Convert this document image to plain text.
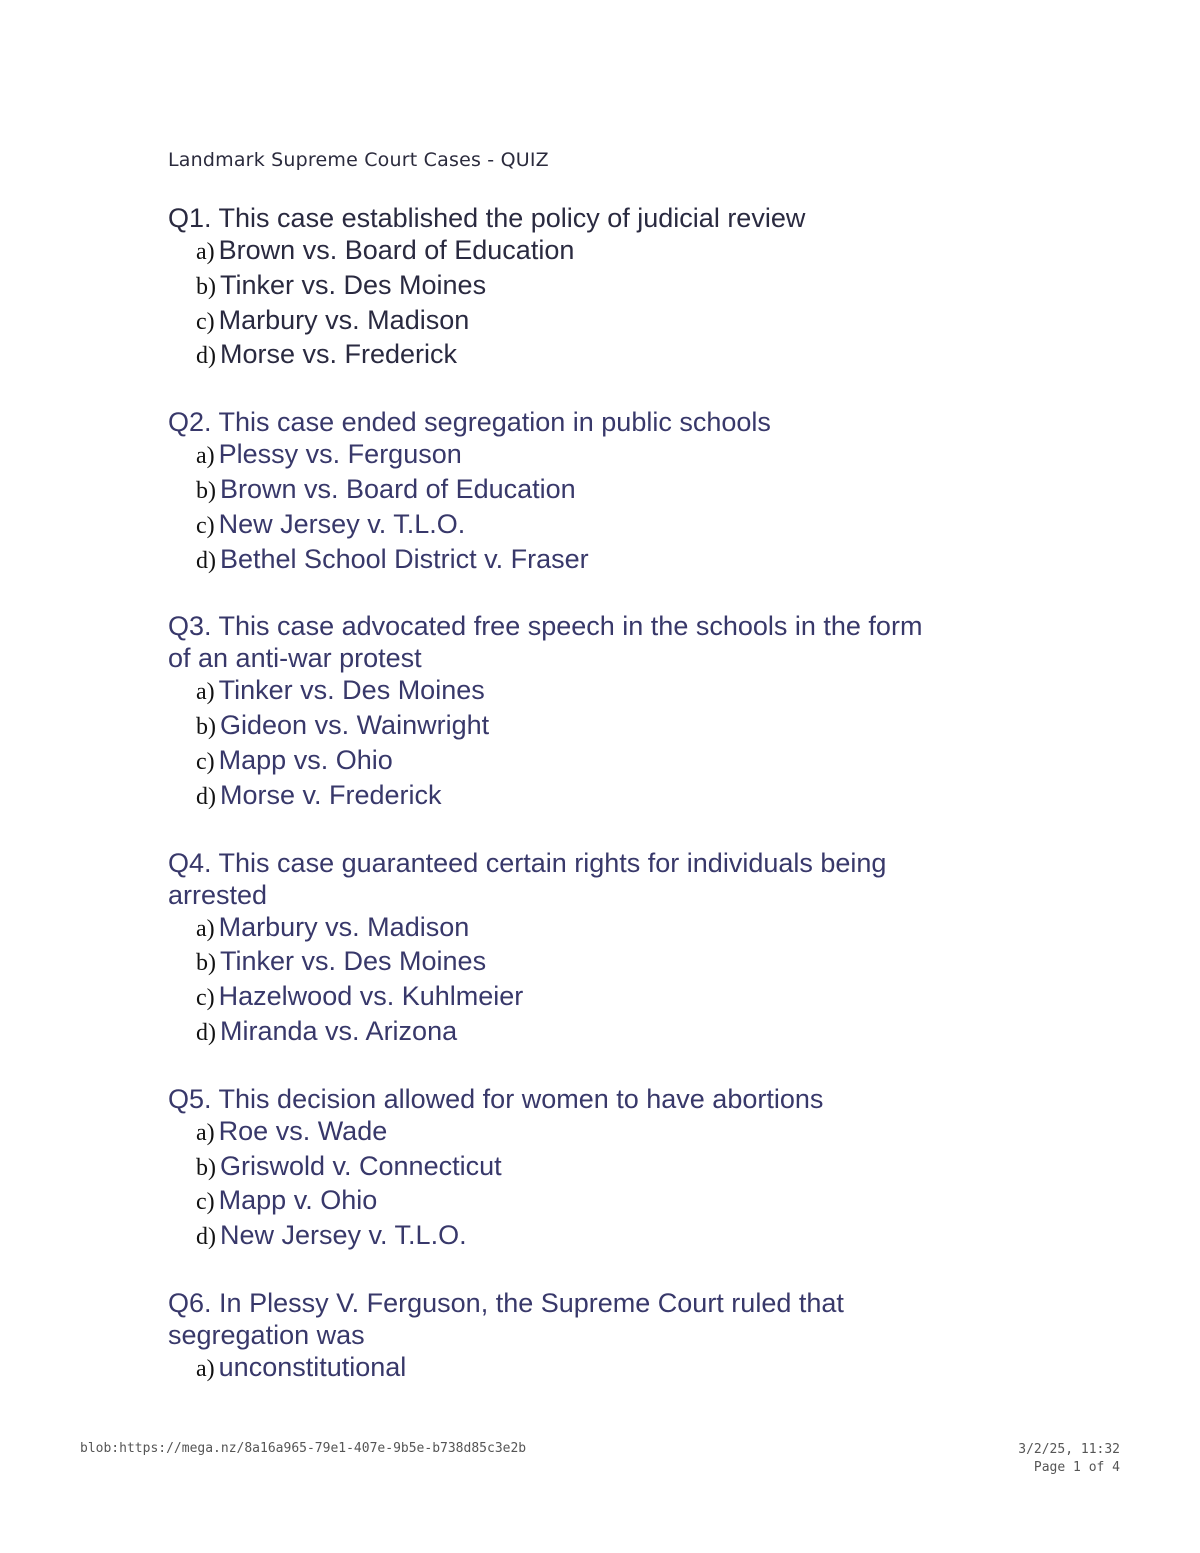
Landmark Supreme Court Cases - QUIZ

Q1. This case established the policy of judicial review

a) Brown vs. Board of Education
b) Tinker vs. Des Moines
c) Marbury vs. Madison
d) Morse vs. Frederick

Q2. This case ended segregation in public schools

a) Plessy vs. Ferguson
b) Brown vs. Board of Education
c) New Jersey v. T.L.O.
d) Bethel School District v. Fraser

Q3. This case advocated free speech in the schools in the form of an anti-war protest

a) Tinker vs. Des Moines
b) Gideon vs. Wainwright
c) Mapp vs. Ohio
d) Morse v. Frederick

Q4. This case guaranteed certain rights for individuals being arrested

a) Marbury vs. Madison
b) Tinker vs. Des Moines
c) Hazelwood vs. Kuhlmeier
d) Miranda vs. Arizona

Q5. This decision allowed for women to have abortions

a) Roe vs. Wade
b) Griswold v. Connecticut
c) Mapp v. Ohio
d) New Jersey v. T.L.O.

Q6. In Plessy V. Ferguson, the Supreme Court ruled that segregation was

a) unconstitutional
blob:https://mega.nz/8a16a965-79e1-407e-9b5e-b738d85c3e2b	3/2/25, 11:32
Page 1 of 4
